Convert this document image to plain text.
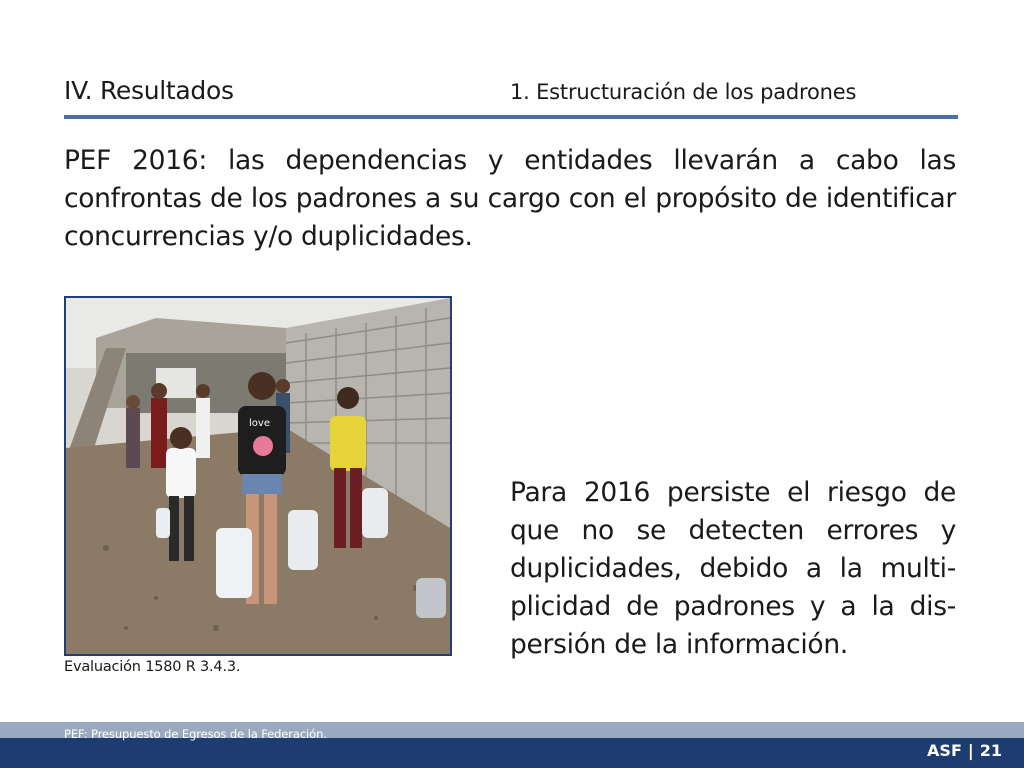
IV. Resultados	1. Estructuración de los padrones
PEF 2016: las dependencias y entidades llevarán a cabo las confrontas de los padrones a su cargo con el propósito de identificar concurrencias y/o duplicidades.
love
Evaluación 1580 R 3.4.3.
Para 2016 persiste el riesgo de que no se detecten errores y duplicidades, debido a la multi-plicidad de padrones y a la dis-persión de la información.
PEF: Presupuesto de Egresos de la Federación.
ASF | 21
